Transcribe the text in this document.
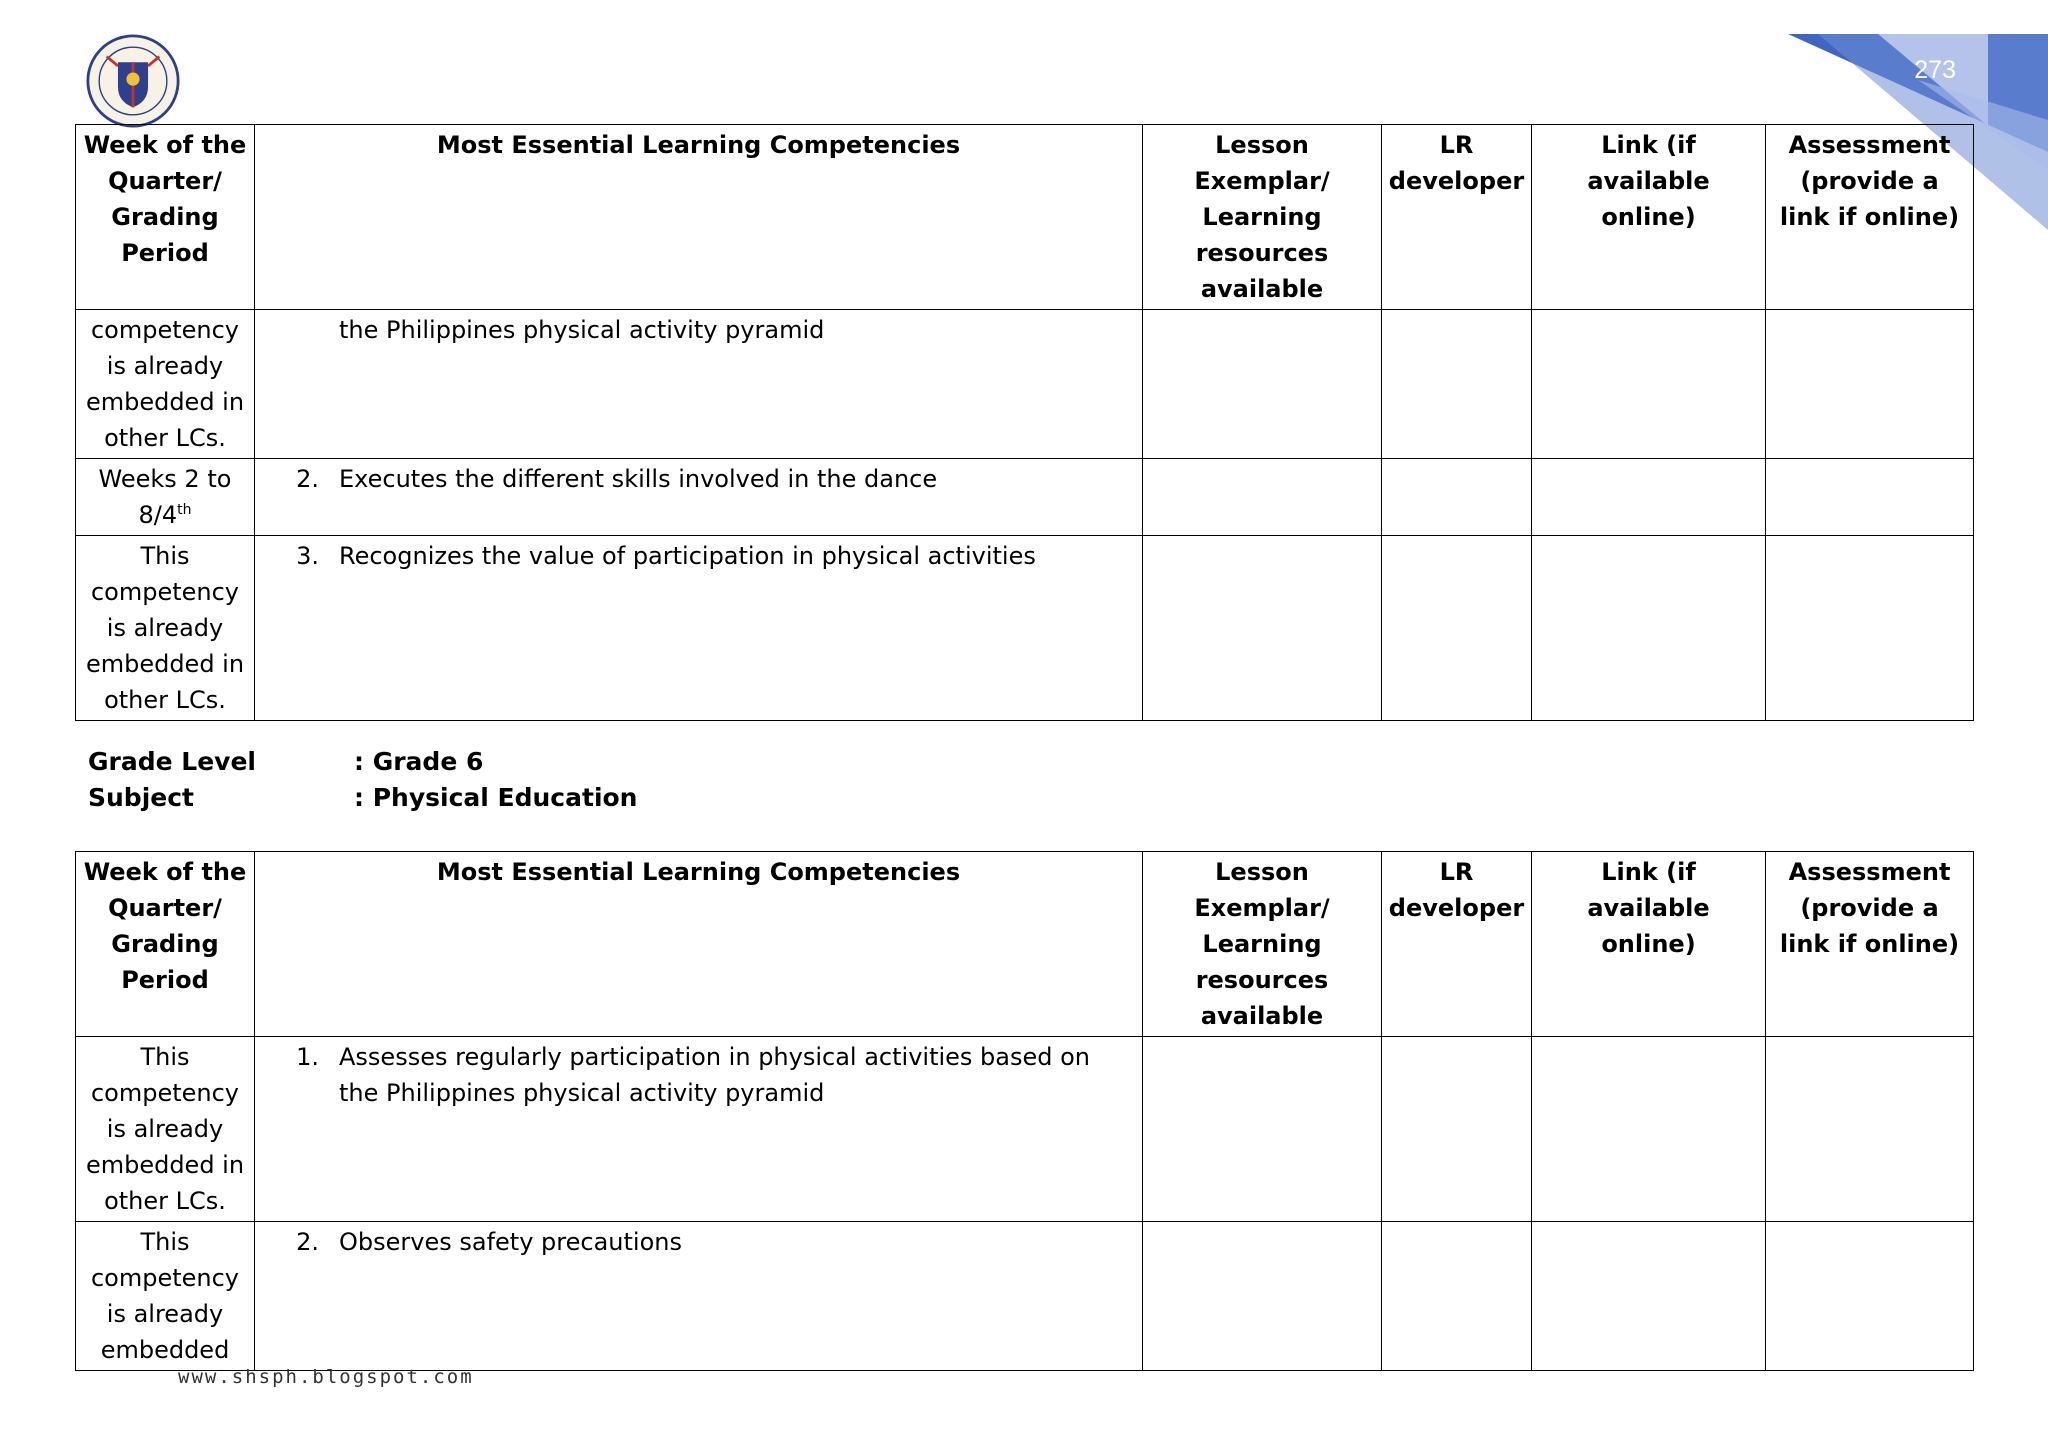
273
Week of the Quarter/ Grading Period	Most Essential Learning Competencies	Lesson Exemplar/ Learning resources available	LR developer	Link (if available online)	Assessment (provide a link if online)
competency is already embedded in other LCs.	the Philippines physical activity pyramid				

Weeks 2 to 8/4th	2. Executes the different skills involved in the dance				

This competency is already embedded in other LCs.	3. Recognizes the value of participation in physical activities				

Grade Level	: Grade 6
Subject	: Physical Education
Week of the Quarter/ Grading Period	Most Essential Learning Competencies	Lesson Exemplar/ Learning resources available	LR developer	Link (if available online)	Assessment (provide a link if online)
This competency is already embedded in other LCs.	1. Assesses regularly participation in physical activities based on the Philippines physical activity pyramid				

This competency is already embedded	2. Observes safety precautions				

www.shsph.blogspot.com
